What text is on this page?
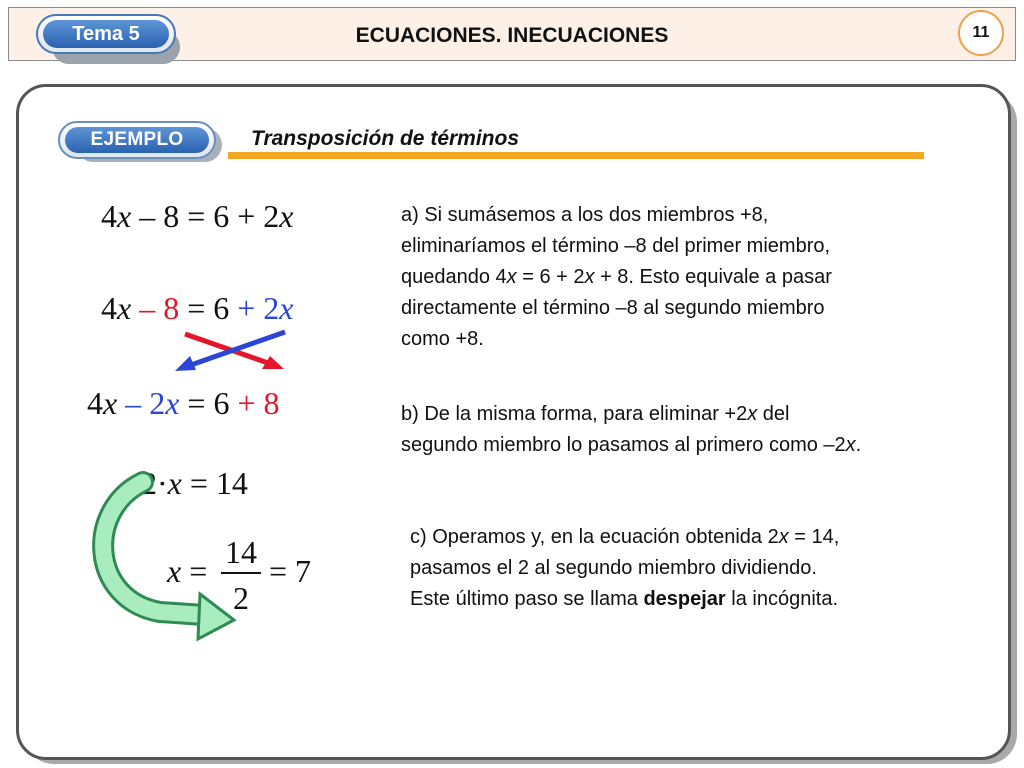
Tema 5	ECUACIONES. INECUACIONES	11
EJEMPLO	Transposición de términos
4x – 8 = 6 + 2x
4x – 8 = 6 + 2x
4x – 2x = 6 + 8
2·x = 14
x =
14
2
= 7
a) Si sumásemos a los dos miembros +8,
eliminaríamos el término –8 del primer miembro,
quedando 4x = 6 + 2x + 8. Esto equivale a pasar
directamente el término –8 al segundo miembro
como +8.
b) De la misma forma, para eliminar +2x del
segundo miembro lo pasamos al primero como –2x.
c) Operamos y, en la ecuación obtenida 2x = 14,
pasamos el 2 al segundo miembro dividiendo.
Este último paso se llama despejar la incógnita.
